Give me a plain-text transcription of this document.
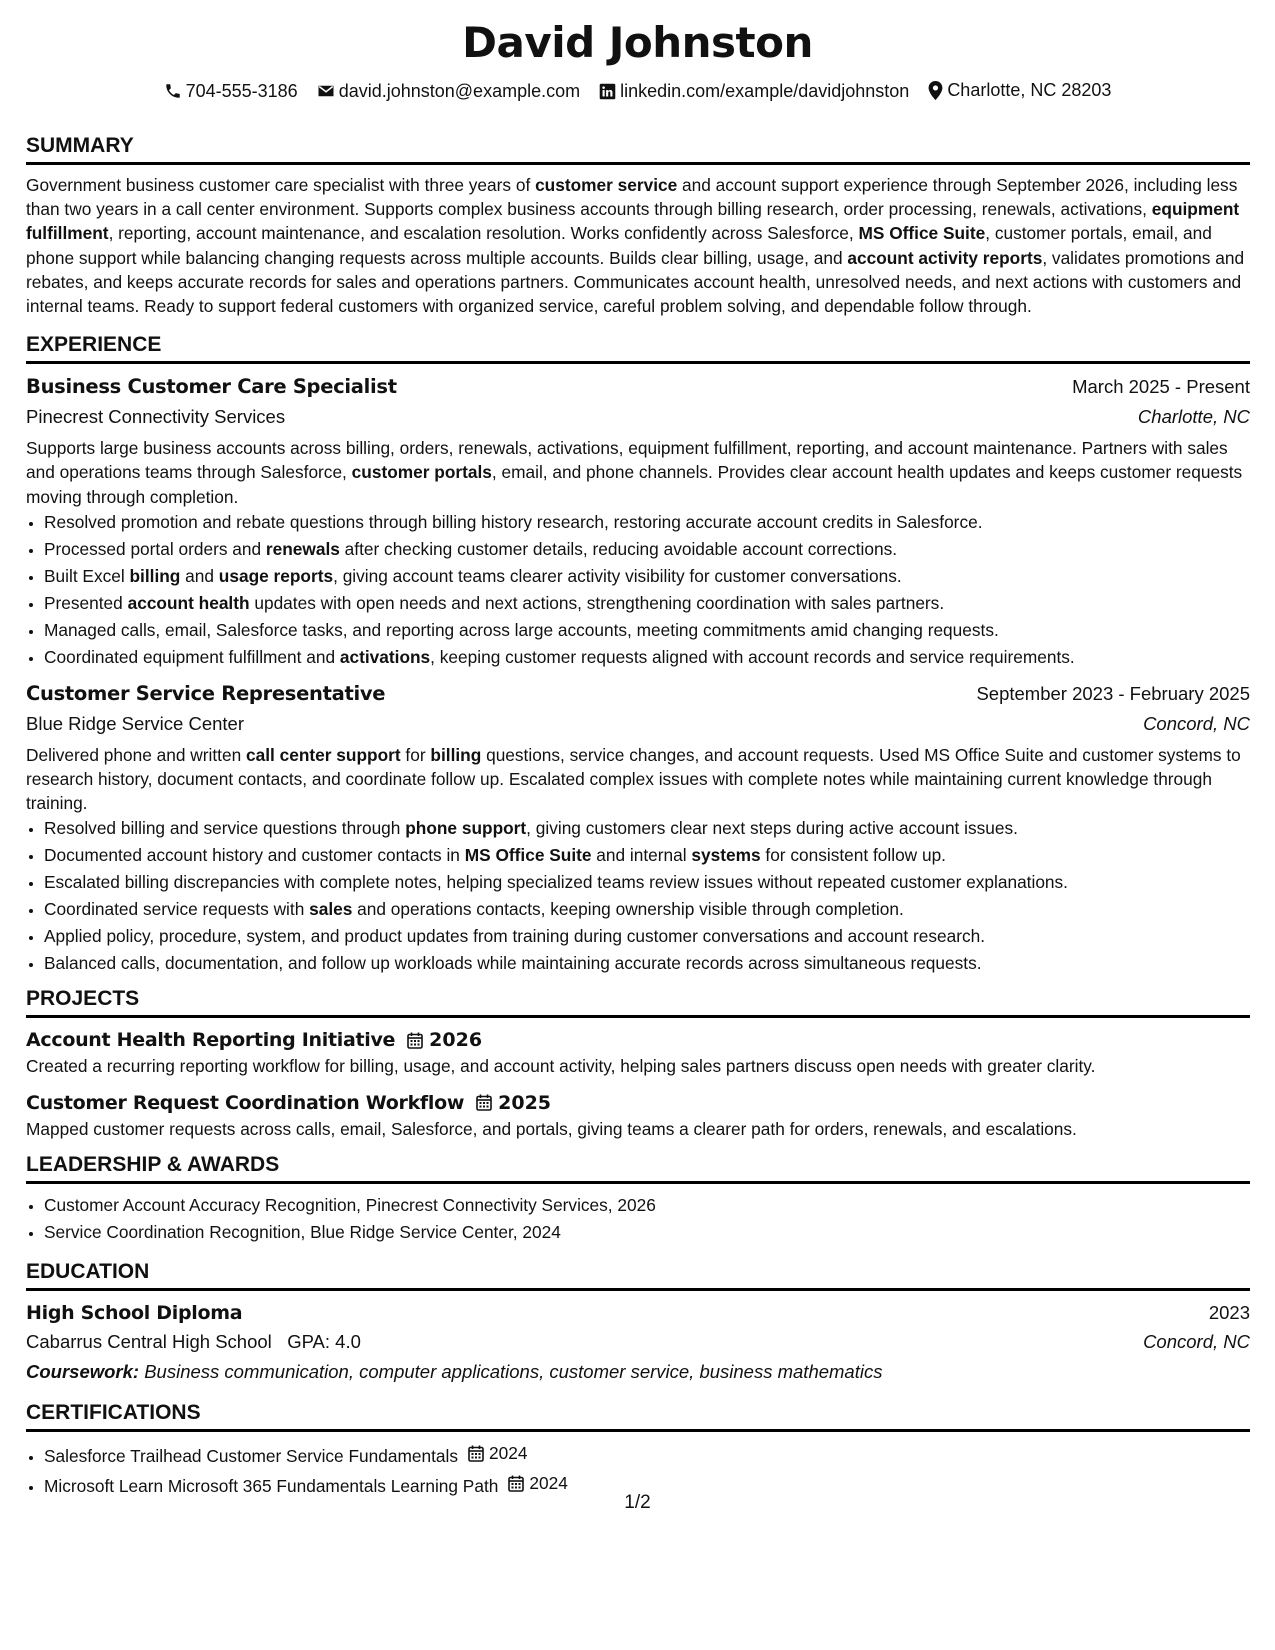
David Johnston
704-555-3186
david.johnston@example.com
linkedin.com/example/davidjohnston
Charlotte, NC 28203
SUMMARY

Government business customer care specialist with three years of customer service and account support experience through September 2026, including less than two years in a call center environment. Supports complex business accounts through billing research, order processing, renewals, activations, equipment fulfillment, reporting, account maintenance, and escalation resolution. Works confidently across Salesforce, MS Office Suite, customer portals, email, and phone support while balancing changing requests across multiple accounts. Builds clear billing, usage, and account activity reports, validates promotions and rebates, and keeps accurate records for sales and operations partners. Communicates account health, unresolved needs, and next actions with customers and internal teams. Ready to support federal customers with organized service, careful problem solving, and dependable follow through.

EXPERIENCE
Business Customer Care Specialist	March 2025 - Present
Pinecrest Connectivity Services	Charlotte, NC

Supports large business accounts across billing, orders, renewals, activations, equipment fulfillment, reporting, and account maintenance. Partners with sales and operations teams through Salesforce, customer portals, email, and phone channels. Provides clear account health updates and keeps customer requests moving through completion.

• Resolved promotion and rebate questions through billing history research, restoring accurate account credits in Salesforce.
• Processed portal orders and renewals after checking customer details, reducing avoidable account corrections.
• Built Excel billing and usage reports, giving account teams clearer activity visibility for customer conversations.
• Presented account health updates with open needs and next actions, strengthening coordination with sales partners.
• Managed calls, email, Salesforce tasks, and reporting across large accounts, meeting commitments amid changing requests.
• Coordinated equipment fulfillment and activations, keeping customer requests aligned with account records and service requirements.
Customer Service Representative	September 2023 - February 2025
Blue Ridge Service Center	Concord, NC

Delivered phone and written call center support for billing questions, service changes, and account requests. Used MS Office Suite and customer systems to research history, document contacts, and coordinate follow up. Escalated complex issues with complete notes while maintaining current knowledge through training.

• Resolved billing and service questions through phone support, giving customers clear next steps during active account issues.
• Documented account history and customer contacts in MS Office Suite and internal systems for consistent follow up.
• Escalated billing discrepancies with complete notes, helping specialized teams review issues without repeated customer explanations.
• Coordinated service requests with sales and operations contacts, keeping ownership visible through completion.
• Applied policy, procedure, system, and product updates from training during customer conversations and account research.
• Balanced calls, documentation, and follow up workloads while maintaining accurate records across simultaneous requests.
PROJECTS
Account Health Reporting Initiative 2026

Created a recurring reporting workflow for billing, usage, and account activity, helping sales partners discuss open needs with greater clarity.

Customer Request Coordination Workflow 2025

Mapped customer requests across calls, email, Salesforce, and portals, giving teams a clearer path for orders, renewals, and escalations.

LEADERSHIP & AWARDS
• Customer Account Accuracy Recognition, Pinecrest Connectivity Services, 2026
• Service Coordination Recognition, Blue Ridge Service Center, 2024
EDUCATION
High School Diploma	2023
Cabarrus Central High School GPA: 4.0	Concord, NC
Coursework: Business communication, computer applications, customer service, business mathematics
CERTIFICATIONS
• Salesforce Trailhead Customer Service Fundamentals 2024
• Microsoft Learn Microsoft 365 Fundamentals Learning Path 2024
1/2
